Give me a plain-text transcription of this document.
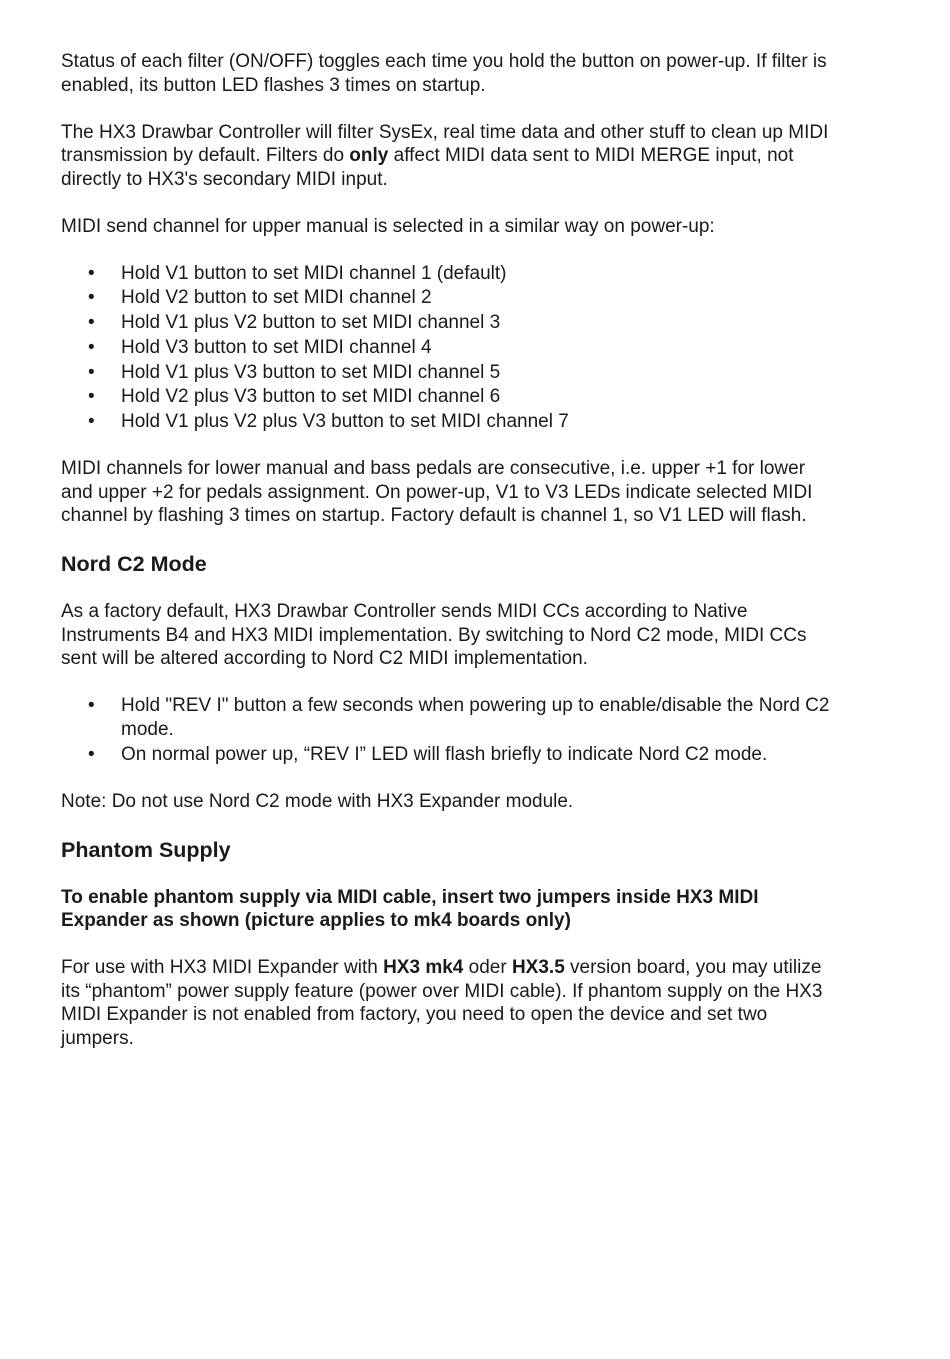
Status of each filter (ON/OFF) toggles each time you hold the button on power-up. If filter is enabled, its button LED flashes 3 times on startup.

The HX3 Drawbar Controller will filter SysEx, real time data and other stuff to clean up MIDI transmission by default. Filters do only affect MIDI data sent to MIDI MERGE input, not directly to HX3's secondary MIDI input.

MIDI send channel for upper manual is selected in a similar way on power-up:

• Hold V1 button to set MIDI channel 1 (default)
• Hold V2 button to set MIDI channel 2
• Hold V1 plus V2 button to set MIDI channel 3
• Hold V3 button to set MIDI channel 4
• Hold V1 plus V3 button to set MIDI channel 5
• Hold V2 plus V3 button to set MIDI channel 6
• Hold V1 plus V2 plus V3 button to set MIDI channel 7

MIDI channels for lower manual and bass pedals are consecutive, i.e. upper +1 for lower and upper +2 for pedals assignment. On power-up, V1 to V3 LEDs indicate selected MIDI channel by flashing 3 times on startup. Factory default is channel 1, so V1 LED will flash.

Nord C2 Mode

As a factory default, HX3 Drawbar Controller sends MIDI CCs according to Native Instruments B4 and HX3 MIDI implementation. By switching to Nord C2 mode, MIDI CCs sent will be altered according to Nord C2 MIDI implementation.

• Hold "REV I" button a few seconds when powering up to enable/disable the Nord C2 mode.
• On normal power up, “REV I” LED will flash briefly to indicate Nord C2 mode.

Note: Do not use Nord C2 mode with HX3 Expander module.

Phantom Supply

To enable phantom supply via MIDI cable, insert two jumpers inside HX3 MIDI Expander as shown (picture applies to mk4 boards only)

For use with HX3 MIDI Expander with HX3 mk4 oder HX3.5 version board, you may utilize its “phantom” power supply feature (power over MIDI cable). If phantom supply on the HX3 MIDI Expander is not enabled from factory, you need to open the device and set two jumpers.
